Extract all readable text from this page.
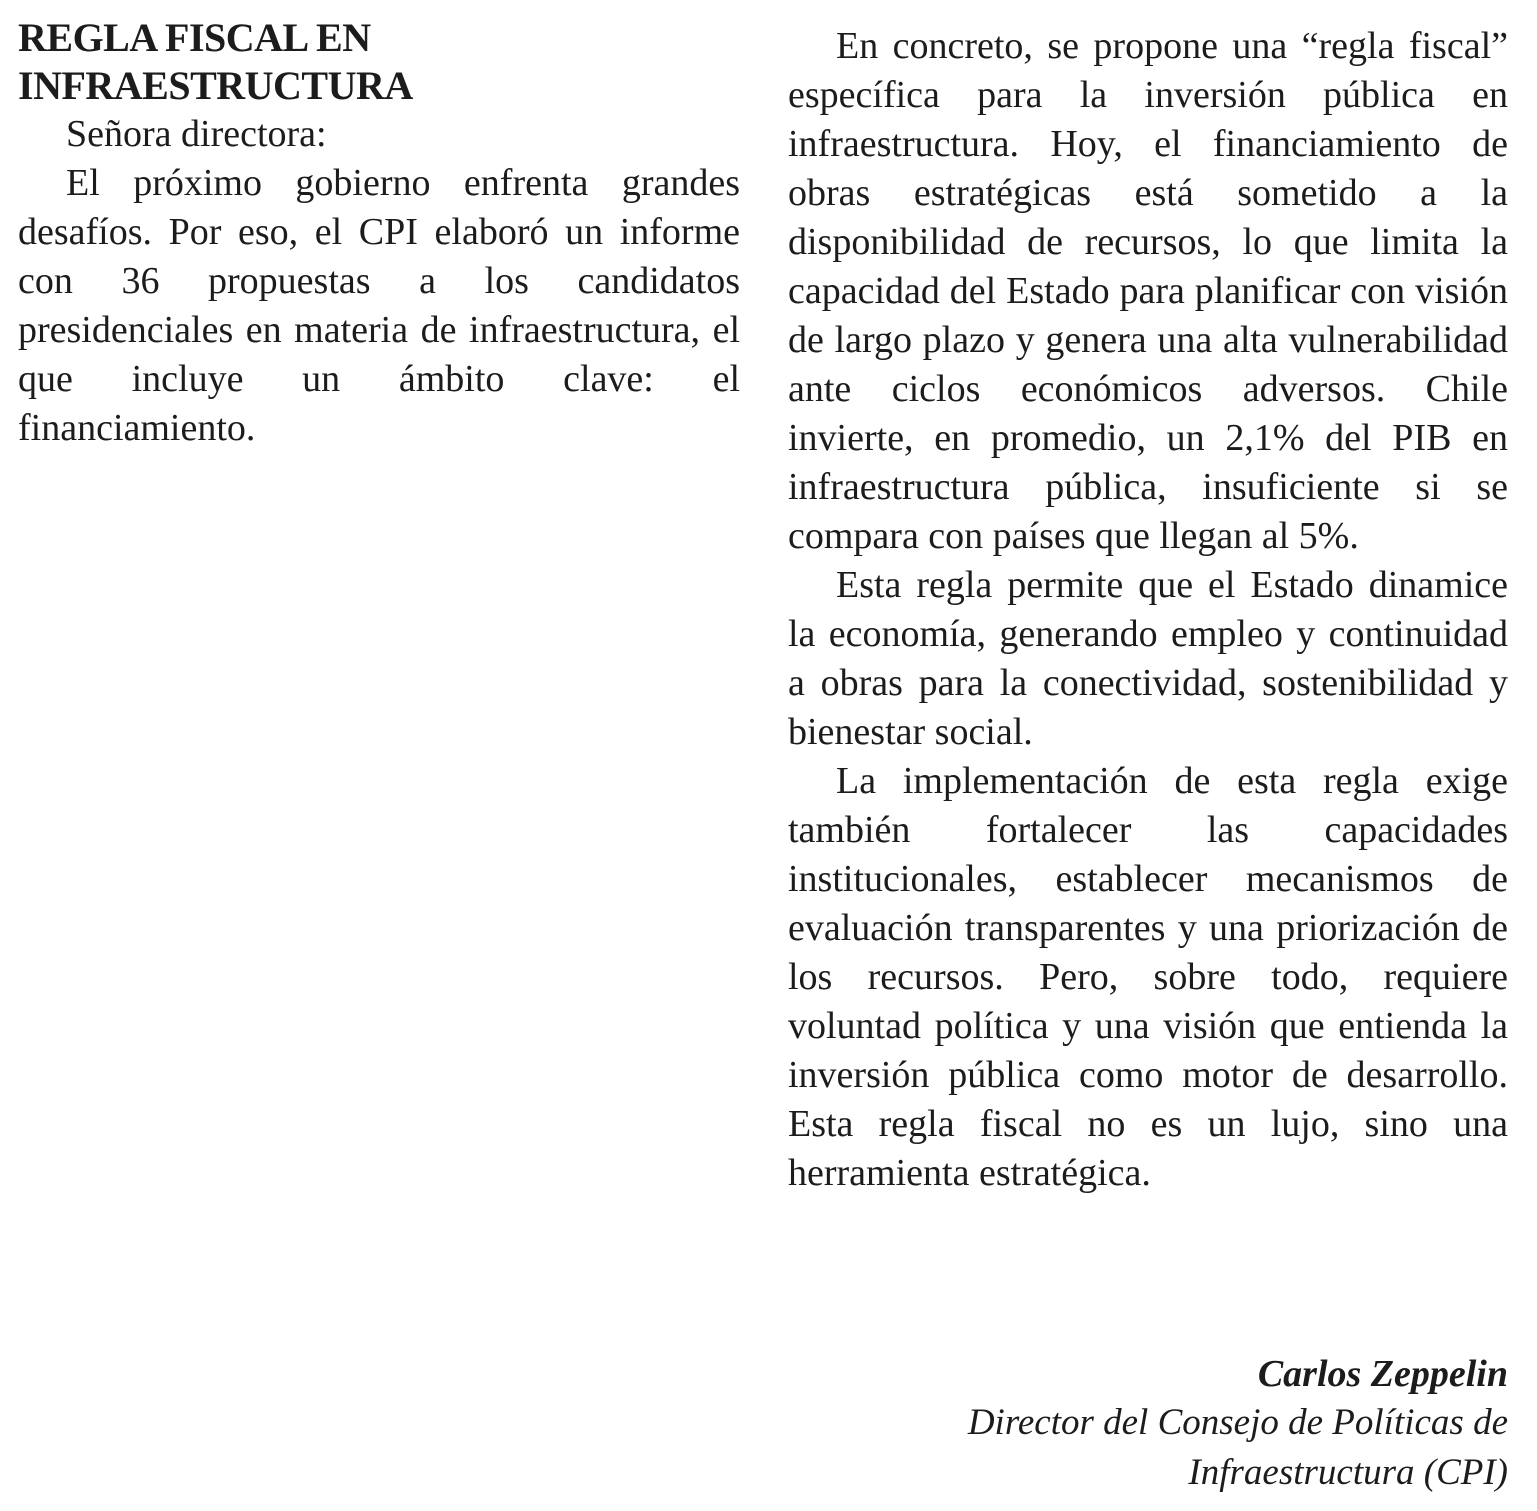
REGLA FISCAL EN
INFRAESTRUCTURA

Señora directora:

El próximo gobierno enfrenta grandes desafíos. Por eso, el CPI elaboró un informe con 36 propuestas a los candidatos presidenciales en materia de infraestructura, el que incluye un ámbito clave: el financiamiento.

En concreto, se propone una “regla fiscal” específica para la inversión pública en infraestructura. Hoy, el financiamiento de obras estratégicas está sometido a la disponibilidad de recursos, lo que limita la capacidad del Estado para planificar con visión de largo plazo y genera una alta vulnerabilidad ante ciclos económicos adversos. Chile invierte, en promedio, un 2,1% del PIB en infraestructura pública, insuficiente si se compara con países que llegan al 5%.

Esta regla permite que el Estado dinamice la economía, generando empleo y continuidad a obras para la conectividad, sostenibilidad y bienestar social.

La implementación de esta regla exige también fortalecer las capacidades institucionales, establecer mecanismos de evaluación transparentes y una priorización de los recursos. Pero, sobre todo, requiere voluntad política y una visión que entienda la inversión pública como motor de desarrollo. Esta regla fiscal no es un lujo, sino una herramienta estratégica.

Carlos Zeppelin

Director del Consejo de Políticas de

Infraestructura (CPI)
